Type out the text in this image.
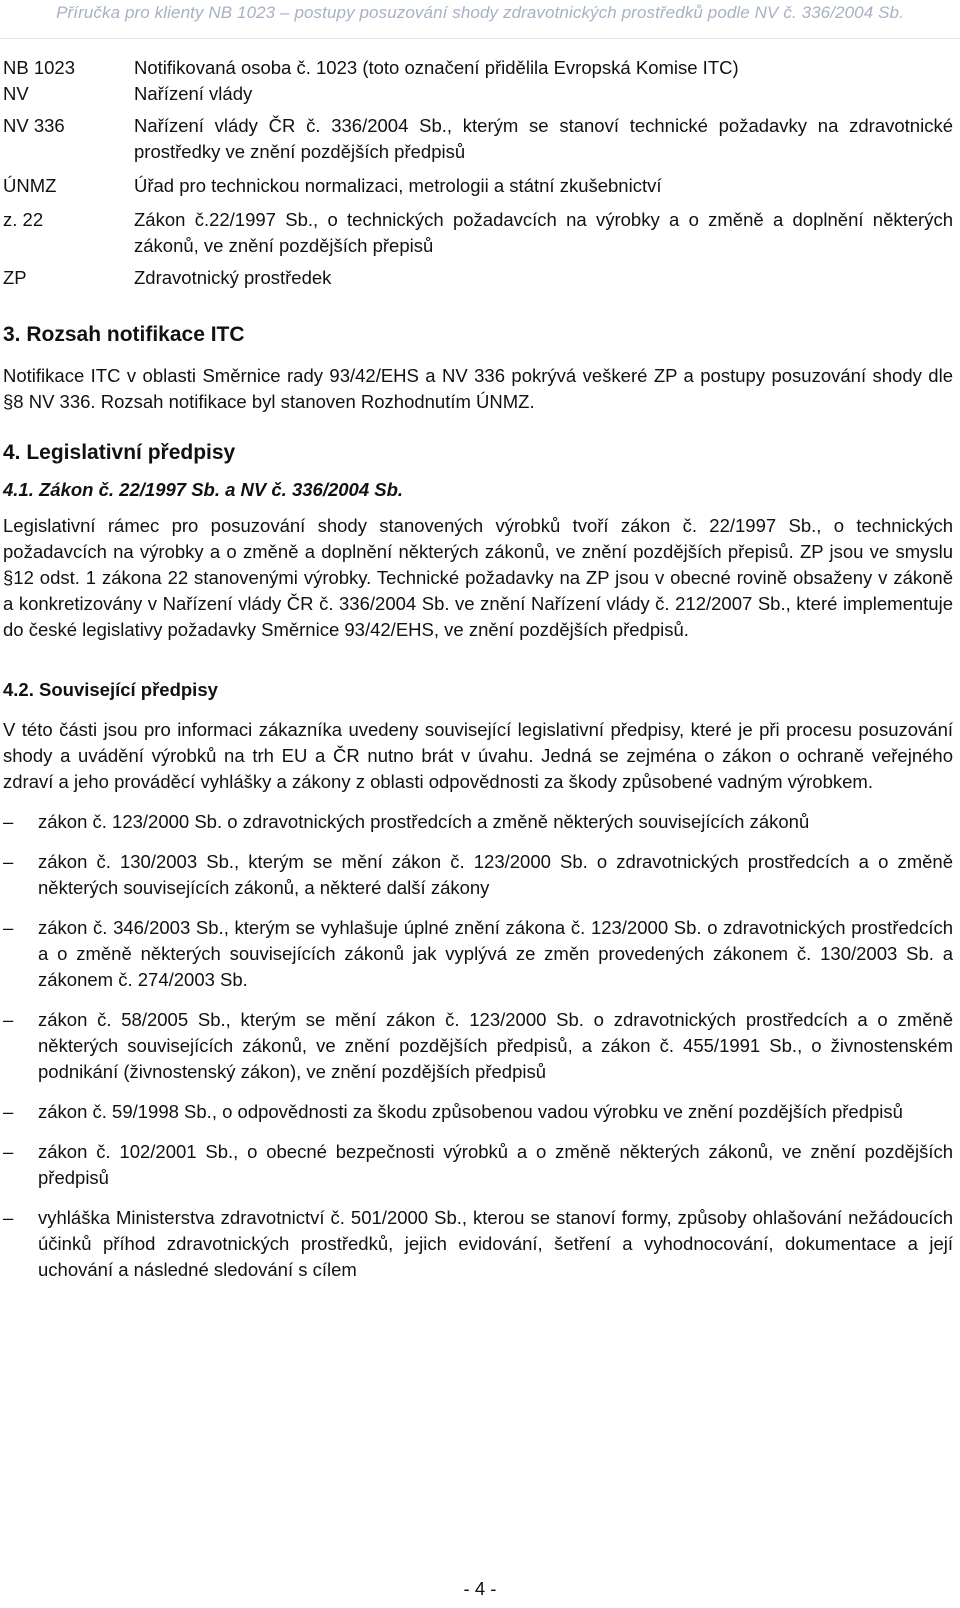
Příručka pro klienty NB 1023 – postupy posuzování shody zdravotnických prostředků podle NV č. 336/2004 Sb.
NB 1023	Notifikovaná osoba č. 1023 (toto označení přidělila Evropská Komise ITC)
NV	Nařízení vlády
NV 336	Nařízení vlády ČR č. 336/2004 Sb., kterým se stanoví technické požadavky na zdravotnické prostředky ve znění pozdějších předpisů
ÚNMZ	Úřad pro technickou normalizaci, metrologii a státní zkušebnictví
z. 22	Zákon č.22/1997 Sb., o technických požadavcích na výrobky a o změně a doplnění některých zákonů, ve znění pozdějších přepisů
ZP	Zdravotnický prostředek
3. Rozsah notifikace ITC

Notifikace ITC v oblasti Směrnice rady 93/42/EHS a NV 336 pokrývá veškeré ZP a postupy posuzování shody dle §8 NV 336. Rozsah notifikace byl stanoven Rozhodnutím ÚNMZ.

4. Legislativní předpisy
4.1. Zákon č. 22/1997 Sb. a NV č. 336/2004 Sb.

Legislativní rámec pro posuzování shody stanovených výrobků tvoří zákon č. 22/1997 Sb., o technických požadavcích na výrobky a o změně a doplnění některých zákonů, ve znění pozdějších přepisů. ZP jsou ve smyslu §12 odst. 1 zákona 22 stanovenými výrobky. Technické požadavky na ZP jsou v obecné rovině obsaženy v zákoně a konkretizovány v Nařízení vlády ČR č. 336/2004 Sb. ve znění Nařízení vlády č. 212/2007 Sb., které implementuje do české legislativy požadavky Směrnice 93/42/EHS, ve znění pozdějších předpisů.

4.2. Související předpisy

V této části jsou pro informaci zákazníka uvedeny související legislativní předpisy, které je při procesu posuzování shody a uvádění výrobků na trh EU a ČR nutno brát v úvahu. Jedná se zejména o zákon o ochraně veřejného zdraví a jeho prováděcí vyhlášky a zákony z oblasti odpovědnosti za škody způsobené vadným výrobkem.

–	zákon č. 123/2000 Sb. o zdravotnických prostředcích a změně některých souvisejících zákonů
–	zákon č. 130/2003 Sb., kterým se mění zákon č. 123/2000 Sb. o zdravotnických prostředcích a o změně některých souvisejících zákonů, a některé další zákony
–	zákon č. 346/2003 Sb., kterým se vyhlašuje úplné znění zákona č. 123/2000 Sb. o zdravotnických prostředcích a o změně některých souvisejících zákonů jak vyplývá ze změn provedených zákonem č. 130/2003 Sb. a zákonem č. 274/2003 Sb.
–	zákon č. 58/2005 Sb., kterým se mění zákon č. 123/2000 Sb. o zdravotnických prostředcích a o změně některých souvisejících zákonů, ve znění pozdějších předpisů, a zákon č. 455/1991 Sb., o živnostenském podnikání (živnostenský zákon), ve znění pozdějších předpisů
–	zákon č. 59/1998 Sb., o odpovědnosti za škodu způsobenou vadou výrobku ve znění pozdějších předpisů
–	zákon č. 102/2001 Sb., o obecné bezpečnosti výrobků a o změně některých zákonů, ve znění pozdějších předpisů
–	vyhláška Ministerstva zdravotnictví č. 501/2000 Sb., kterou se stanoví formy, způsoby ohlašování nežádoucích účinků příhod zdravotnických prostředků, jejich evidování, šetření a vyhodnocování, dokumentace a její uchování a následné sledování s cílem
- 4 -
